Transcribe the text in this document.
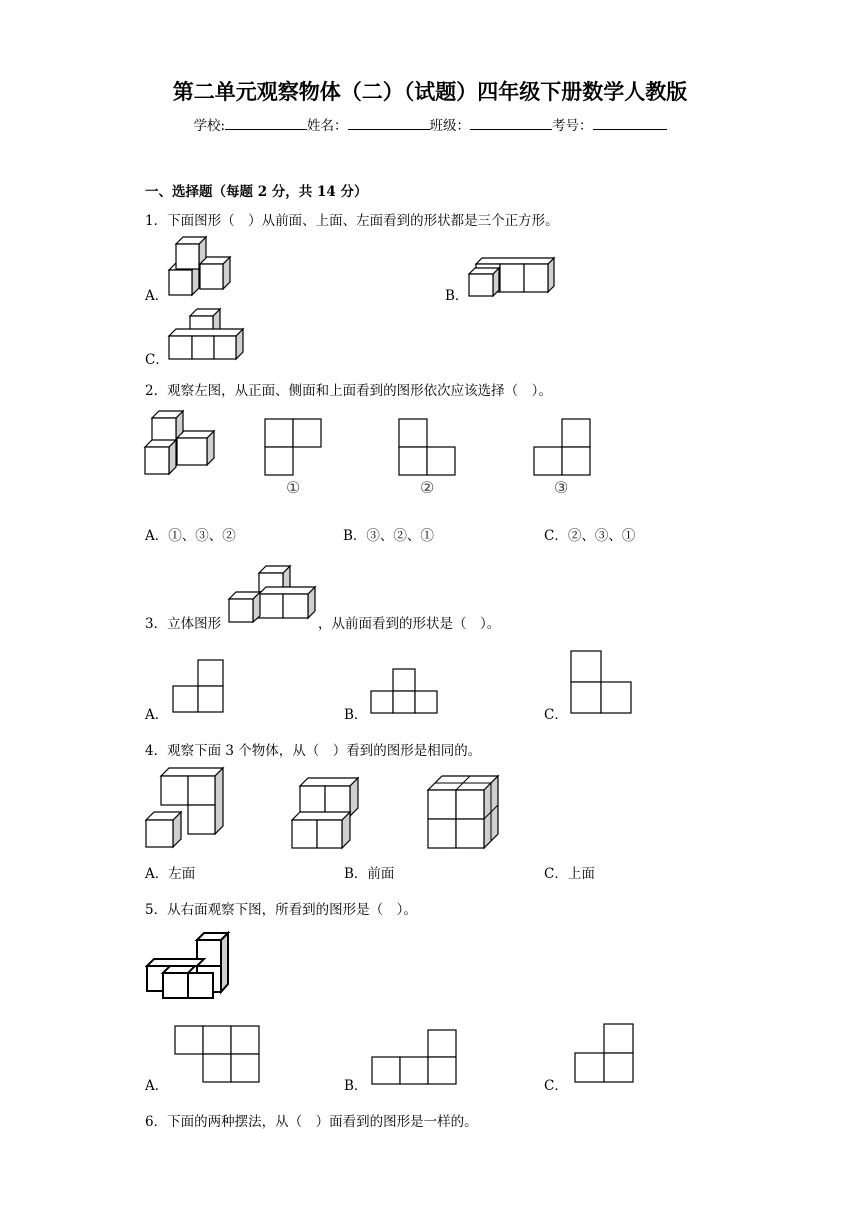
第二单元观察物体（二）（试题）四年级下册数学人教版
学校:	姓名：	班级：	考号：
一、选择题（每题 2 分，共 14 分）
1．下面图形（　）从前面、上面、左面看到的形状都是三个正方形。
A．	B．
C．
2．观察左图，从正面、侧面和上面看到的图形依次应该选择（　）。
①	②	③
A．①、③、②	B．③、②、①	C．②、③、①
3．立体图形	，从前面看到的形状是（　）。
A．	B．	C．
4．观察下面 3 个物体，从（　）看到的图形是相同的。
A．左面	B．前面	C．上面
5．从右面观察下图，所看到的图形是（　）。
A．	B．	C．
6．下面的两种摆法，从（　）面看到的图形是一样的。
